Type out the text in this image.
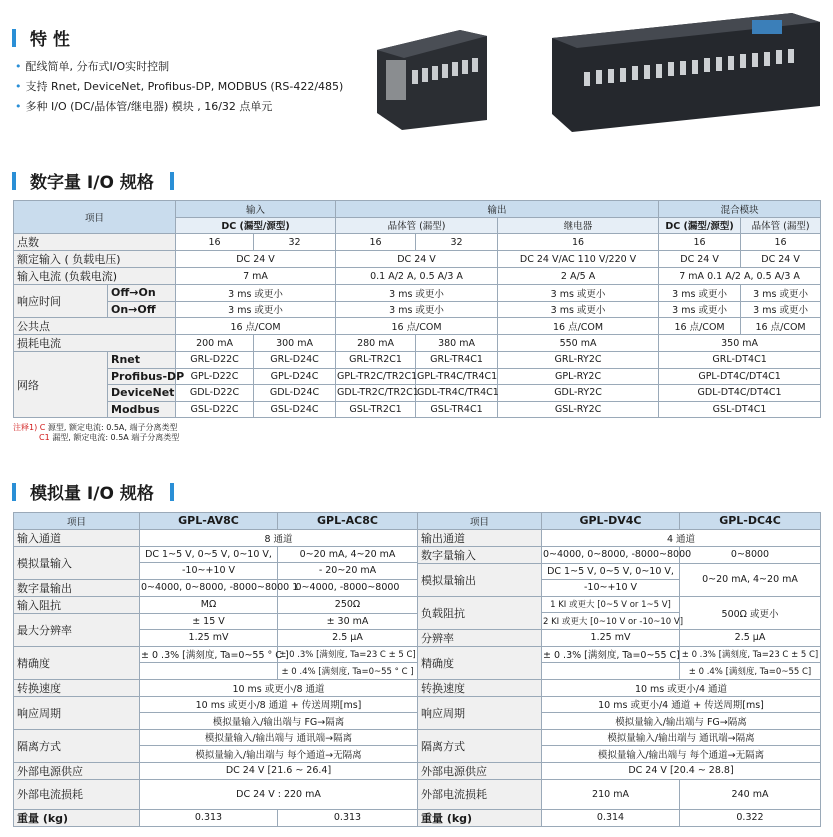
特 性
• 配线简单, 分布式I/O实时控制
• 支持 Rnet, DeviceNet, Profibus-DP, MODBUS (RS-422/485)
• 多种 I/O (DC/晶体管/继电器) 模块 , 16/32 点单元
数字量 I/O 规格
项目		输入		输出			混合模块	
		DC (漏型/源型)		晶体管 (漏型)		继电器	DC (漏型/源型)	晶体管 (漏型)
点数		16	32	16	32	16	16	16
额定输入 ( 负载电压)		DC 24 V		DC 24 V		DC 24 V/AC 110 V/220 V	DC 24 V	DC 24 V
输入电流 (负载电流)		7 mA		0.1 A/2 A, 0.5 A/3 A		2 A/5 A	7 mA 0.1 A/2 A, 0.5 A/3 A	
响应时间	Off→On	3 ms 或更小		3 ms 或更小		3 ms 或更小	3 ms 或更小	3 ms 或更小
	On→Off	3 ms 或更小		3 ms 或更小		3 ms 或更小	3 ms 或更小	3 ms 或更小
公共点		16 点/COM		16 点/COM		16 点/COM	16 点/COM	16 点/COM
损耗电流		200 mA	300 mA	280 mA	380 mA	550 mA	350 mA	
网络	Rnet	GRL-D22C	GRL-D24C	GRL-TR2C1	GRL-TR4C1	GRL-RY2C	GRL-DT4C1	
	Profibus-DP	GPL-D22C	GPL-D24C	GPL-TR2C/TR2C1	GPL-TR4C/TR4C1	GPL-RY2C	GPL-DT4C/DT4C1	
	DeviceNet	GDL-D22C	GDL-D24C	GDL-TR2C/TR2C1	GDL-TR4C/TR4C1	GDL-RY2C	GDL-DT4C/DT4C1	
	Modbus	GSL-D22C	GSL-D24C	GSL-TR2C1	GSL-TR4C1	GSL-RY2C	GSL-DT4C1	
注释1) C 源型, 额定电流: 0.5A, 端子分离类型
C1 漏型, 额定电流: 0.5A 端子分离类型
模拟量 I/O 规格
项目	GPL-AV8C	GPL-AC8C
输入通道	8 通道	
模拟量输入	DC 1~5 V, 0~5 V, 0~10 V,	0~20 mA, 4~20 mA
	-10~+10 V	- 20~20 mA
数字量输出	0~4000, 0~8000, -8000~8000 1	0~4000, -8000~8000
输入阻抗	MΩ	250Ω
最大分辨率	± 15 V	± 30 mA
	1.25 mV	2.5 μA
精确度	± 0 .3% [满刻度, Ta=0~55 ° C ]	± 0 .3% [满刻度, Ta=23 C ± 5 C]
		± 0 .4% [满刻度, Ta=0~55 ° C ]
转换速度	10 ms 或更小/8 通道	
响应周期	10 ms 或更小/8 通道 + 传送周期[ms]	
	模拟量输入/输出端与 FG→隔离	
隔离方式	模拟量输入/输出端与 通讯端→隔离	
	模拟量输入/输出端与 每个通道→无隔离	
外部电源供应	DC 24 V [21.6 ~ 26.4]	
外部电流损耗	DC 24 V : 220 mA	
重量 (kg)	0.313	0.313
项目	GPL-DV4C	GPL-DC4C
输出通道	4 通道	
数字量输入	0~4000, 0~8000, -8000~8000	0~8000
模拟量输出	DC 1~5 V, 0~5 V, 0~10 V,	0~20 mA, 4~20 mA
	-10~+10 V	
负载阻抗	1 KΙ 或更大 [0~5 V or 1~5 V]	500Ω 或更小
	2 KΙ 或更大 [0~10 V or -10~10 V]	
分辨率	1.25 mV	2.5 μA
精确度	± 0 .3% [满刻度, Ta=0~55 C]	± 0 .3% [满刻度, Ta=23 C ± 5 C]
		± 0 .4% [满刻度, Ta=0~55 C]
转换速度	10 ms 或更小/4 通道	
响应周期	10 ms 或更小/4 通道 + 传送周期[ms]	
	模拟量输入/输出端与 FG→隔离	
隔离方式	模拟量输入/输出端与 通讯端→隔离	
	模拟量输入/输出端与 每个通道→无隔离	
外部电源供应	DC 24 V [20.4 ~ 28.8]	
外部电流损耗	210 mA	240 mA
重量 (kg)	0.314	0.322
